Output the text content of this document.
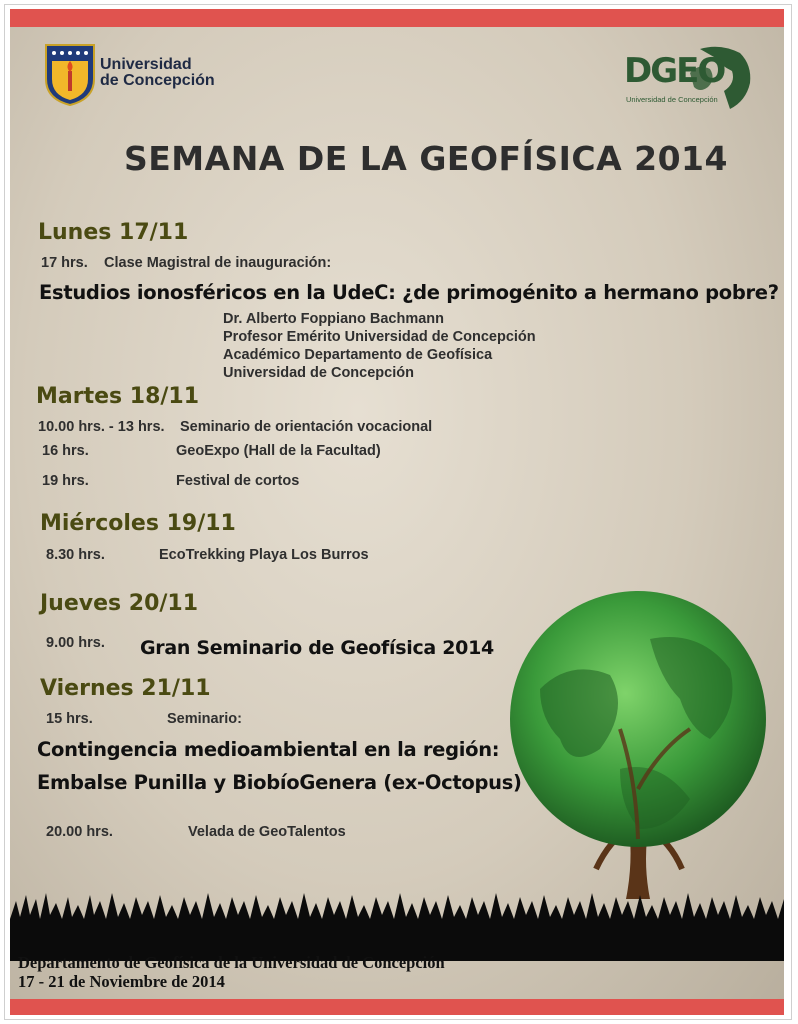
Universidad
de Concepción	DGEO
Universidad de Concepción
SEMANA DE LA GEOFÍSICA 2014
Lunes 17/11
17 hrs. Clase Magistral de inauguración:
Estudios ionosféricos en la UdeC: ¿de primogénito a hermano pobre?
Dr. Alberto Foppiano Bachmann
Profesor Emérito Universidad de Concepción
Académico Departamento de Geofísica
Universidad de Concepción
Martes 18/11
10.00 hrs. - 13 hrs. Seminario de orientación vocacional
16 hrs.	GeoExpo (Hall de la Facultad)
19 hrs.	Festival de cortos
Miércoles 19/11
8.30 hrs.	EcoTrekking Playa Los Burros
Jueves 20/11
9.00 hrs. Gran Seminario de Geofísica 2014
Viernes 21/11
15 hrs.	Seminario:
Contingencia medioambiental en la región:
Embalse Punilla y BiobíoGenera (ex-Octopus)
20.00 hrs.	Velada de GeoTalentos
Departamento de Geofísica de la Universidad de Concepción
17 - 21 de Noviembre de 2014
